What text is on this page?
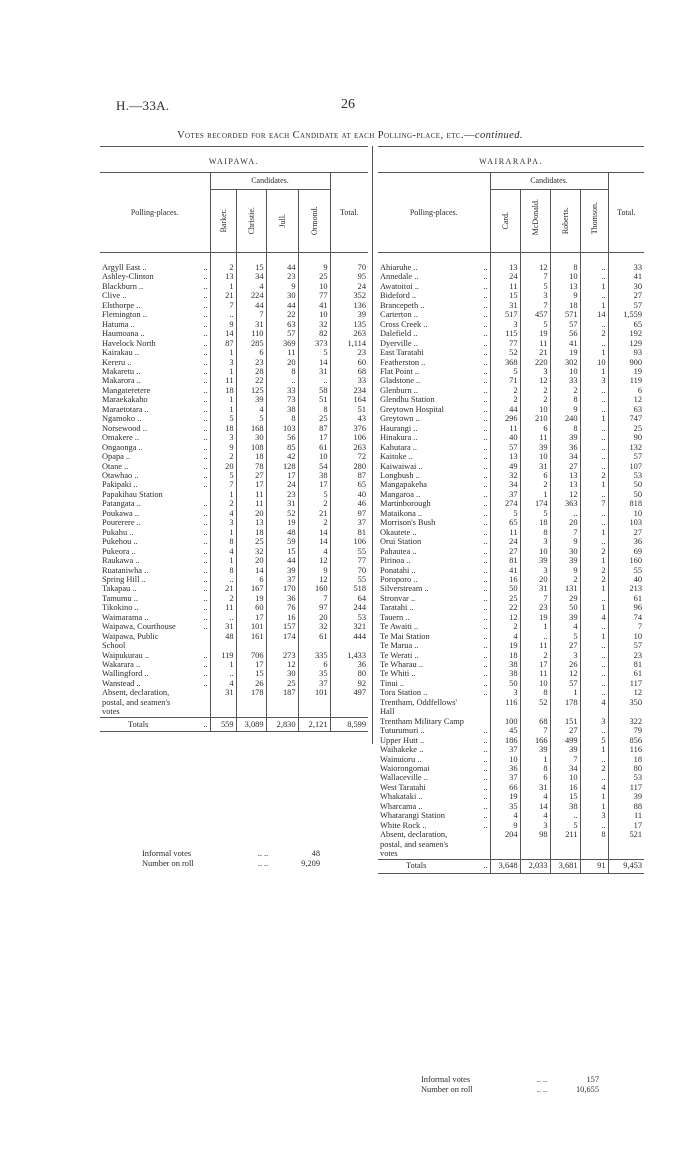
H.—33A.	26
Votes recorded for each Candidate at each Polling-place, etc.—continued.
WAIPAWA.					
Polling-places.	Candidates.				Total.

	Barker.	Christie.	Jull.	Ormond.	

Argyll East .. ..	2	15	44	9	70
Ashley-Clinton ..	13	34	23	25	95
Blackburn .. ..	1	4	9	10	24
Clive .. ..	21	224	30	77	352
Elsthorpe .. ..	7	44	44	41	136
Flemington .. ..	..	7	22	10	39
Hatuma .. ..	9	31	63	32	135
Haumoana .. ..	14	110	57	82	263
Havelock North ..	87	285	369	373	1,114
Kairakau .. ..	1	6	11	5	23
Kereru .. ..	3	23	20	14	60
Makaretu .. ..	1	28	8	31	68
Makarora .. ..	11	22	..	..	33
Mangateretere ..	18	125	33	58	234
Maraekakaho ..	1	39	73	51	164
Maraetotara .. ..	1	4	38	8	51
Ngamoko .. ..	5	5	8	25	43
Norsewood .. ..	18	168	103	87	376
Omakere .. ..	3	30	56	17	106
Ongaonga .. ..	9	108	85	61	263
Opapa .. ..	2	18	42	10	72
Otane .. ..	20	78	128	54	280
Otawhao .. ..	5	27	17	38	87
Pakipaki .. ..	7	17	24	17	65
Papakihau Station	1	11	23	5	40
Patangata .. ..	2	11	31	2	46
Poukawa .. ..	4	20	52	21	97
Pourerere .. ..	3	13	19	2	37
Pukahu .. ..	1	18	48	14	81
Pukehou .. ..	8	25	59	14	106
Pukeora .. ..	4	32	15	4	55
Raukawa .. ..	1	20	44	12	77
Ruataniwha .. ..	8	14	39	9	70
Spring Hill .. ..	..	6	37	12	55
Takapau .. ..	21	167	170	160	518
Tamumu .. ..	2	19	36	7	64
Tikokino .. ..	11	60	76	97	244
Waimarama .. ..	..	17	16	20	53
Waipawa, Courthouse ..	31	101	157	32	321
Waipawa, Public	48	161	174	61	444
School					
Waipukurau .. ..	119	706	273	335	1,433
Wakarara .. ..	1	17	12	6	36
Wallingford .. ..	..	15	30	35	80
Wanstead .. ..	4	26	25	37	92
Absent, declaration,	31	178	187	101	497
postal, and seamen's					
votes					
Totals ..	559	3,089	2,830	2,121	8,599
WAIRARAPA.					
Polling-places.	Candidates.				Total.

	Card.	McDonald.	Roberts.	Thomson.	

Ahiaruhe .. ..	13	12	8	..	33
Annedale .. ..	24	7	10	..	41
Awatoitoi .. ..	11	5	13	1	30
Bideford .. ..	15	3	9	..	27
Brancepeth .. ..	31	7	18	1	57
Carterton .. ..	517	457	571	14	1,559
Cross Creek .. ..	3	5	57	..	65
Dalefield .. ..	115	19	56	2	192
Dyerville .. ..	77	11	41	..	129
East Taratahi ..	52	21	19	1	93
Featherston .. ..	368	220	302	10	900
Flat Point .. ..	5	3	10	1	19
Gladstone .. ..	71	12	33	3	119
Glenburn .. ..	2	2	2	..	6
Glendhu Station ..	2	2	8	..	12
Greytown Hospital ..	44	10	9	..	63
Greytown .. ..	296	210	240	1	747
Haurangi .. ..	11	6	8	..	25
Hinakura .. ..	40	11	39	..	90
Kahutara .. ..	57	39	36	..	132
Kaitoke .. ..	13	10	34	..	57
Kaiwaiwai .. ..	49	31	27	..	107
Longbush .. ..	32	6	13	2	53
Mangapakeha ..	34	2	13	1	50
Mangaroa .. ..	37	1	12	..	50
Martinborough ..	274	174	363	7	818
Mataikona .. ..	5	5	..	..	10
Morrison's Bush ..	65	18	20	..	103
Okautete .. ..	11	8	7	1	27
Orui Station ..	24	3	9	..	36
Pahautea .. ..	27	10	30	2	69
Pirinoa .. ..	81	39	39	1	160
Ponatahi .. ..	41	3	9	2	55
Poroporo .. ..	16	20	2	2	40
Silverstream .. ..	50	31	131	1	213
Stronvar .. ..	25	7	29	..	61
Taratahi .. ..	22	23	50	1	96
Tauern .. ..	12	19	39	4	74
Te Awaiti .. ..	2	1	4	..	7
Te Mai Station ..	4	..	5	1	10
Te Marua .. ..	19	11	27	..	57
Te Werati .. ..	18	2	3	..	23
Te Wharau .. ..	38	17	26	..	81
Te Whiti .. ..	38	11	12	..	61
Tinui .. ..	50	10	57	..	117
Tora Station .. ..	3	8	1	..	12
Trentham, Oddfellows'	116	52	178	4	350
Hall					
Trentham Military Camp	100	68	151	3	322
Tuturumuri .. ..	45	7	27	..	79
Upper Hutt .. ..	186	166	499	5	856
Waihakeke .. ..	37	39	39	1	116
Wainuioru .. ..	10	1	7	..	18
Waiorongomai ..	36	8	34	2	80
Wallaceville .. ..	37	6	10	..	53
West Taratahi ..	66	31	16	4	117
Whakataki .. ..	19	4	15	1	39
Wharcama .. ..	35	14	38	1	88
Whatarangi Station ..	4	4	..	3	11
White Rock .. ..	9	3	5	..	17
Absent, declaration,	204	98	211	8	521
postal, and seamen's					
votes					
Totals ..	3,648	2,033	3,681	91	9,453
Informal votes	.. ..	48
Number on roll	.. ..	9,209
Informal votes	.. ..	157
Number on roll	.. ..	10,655
